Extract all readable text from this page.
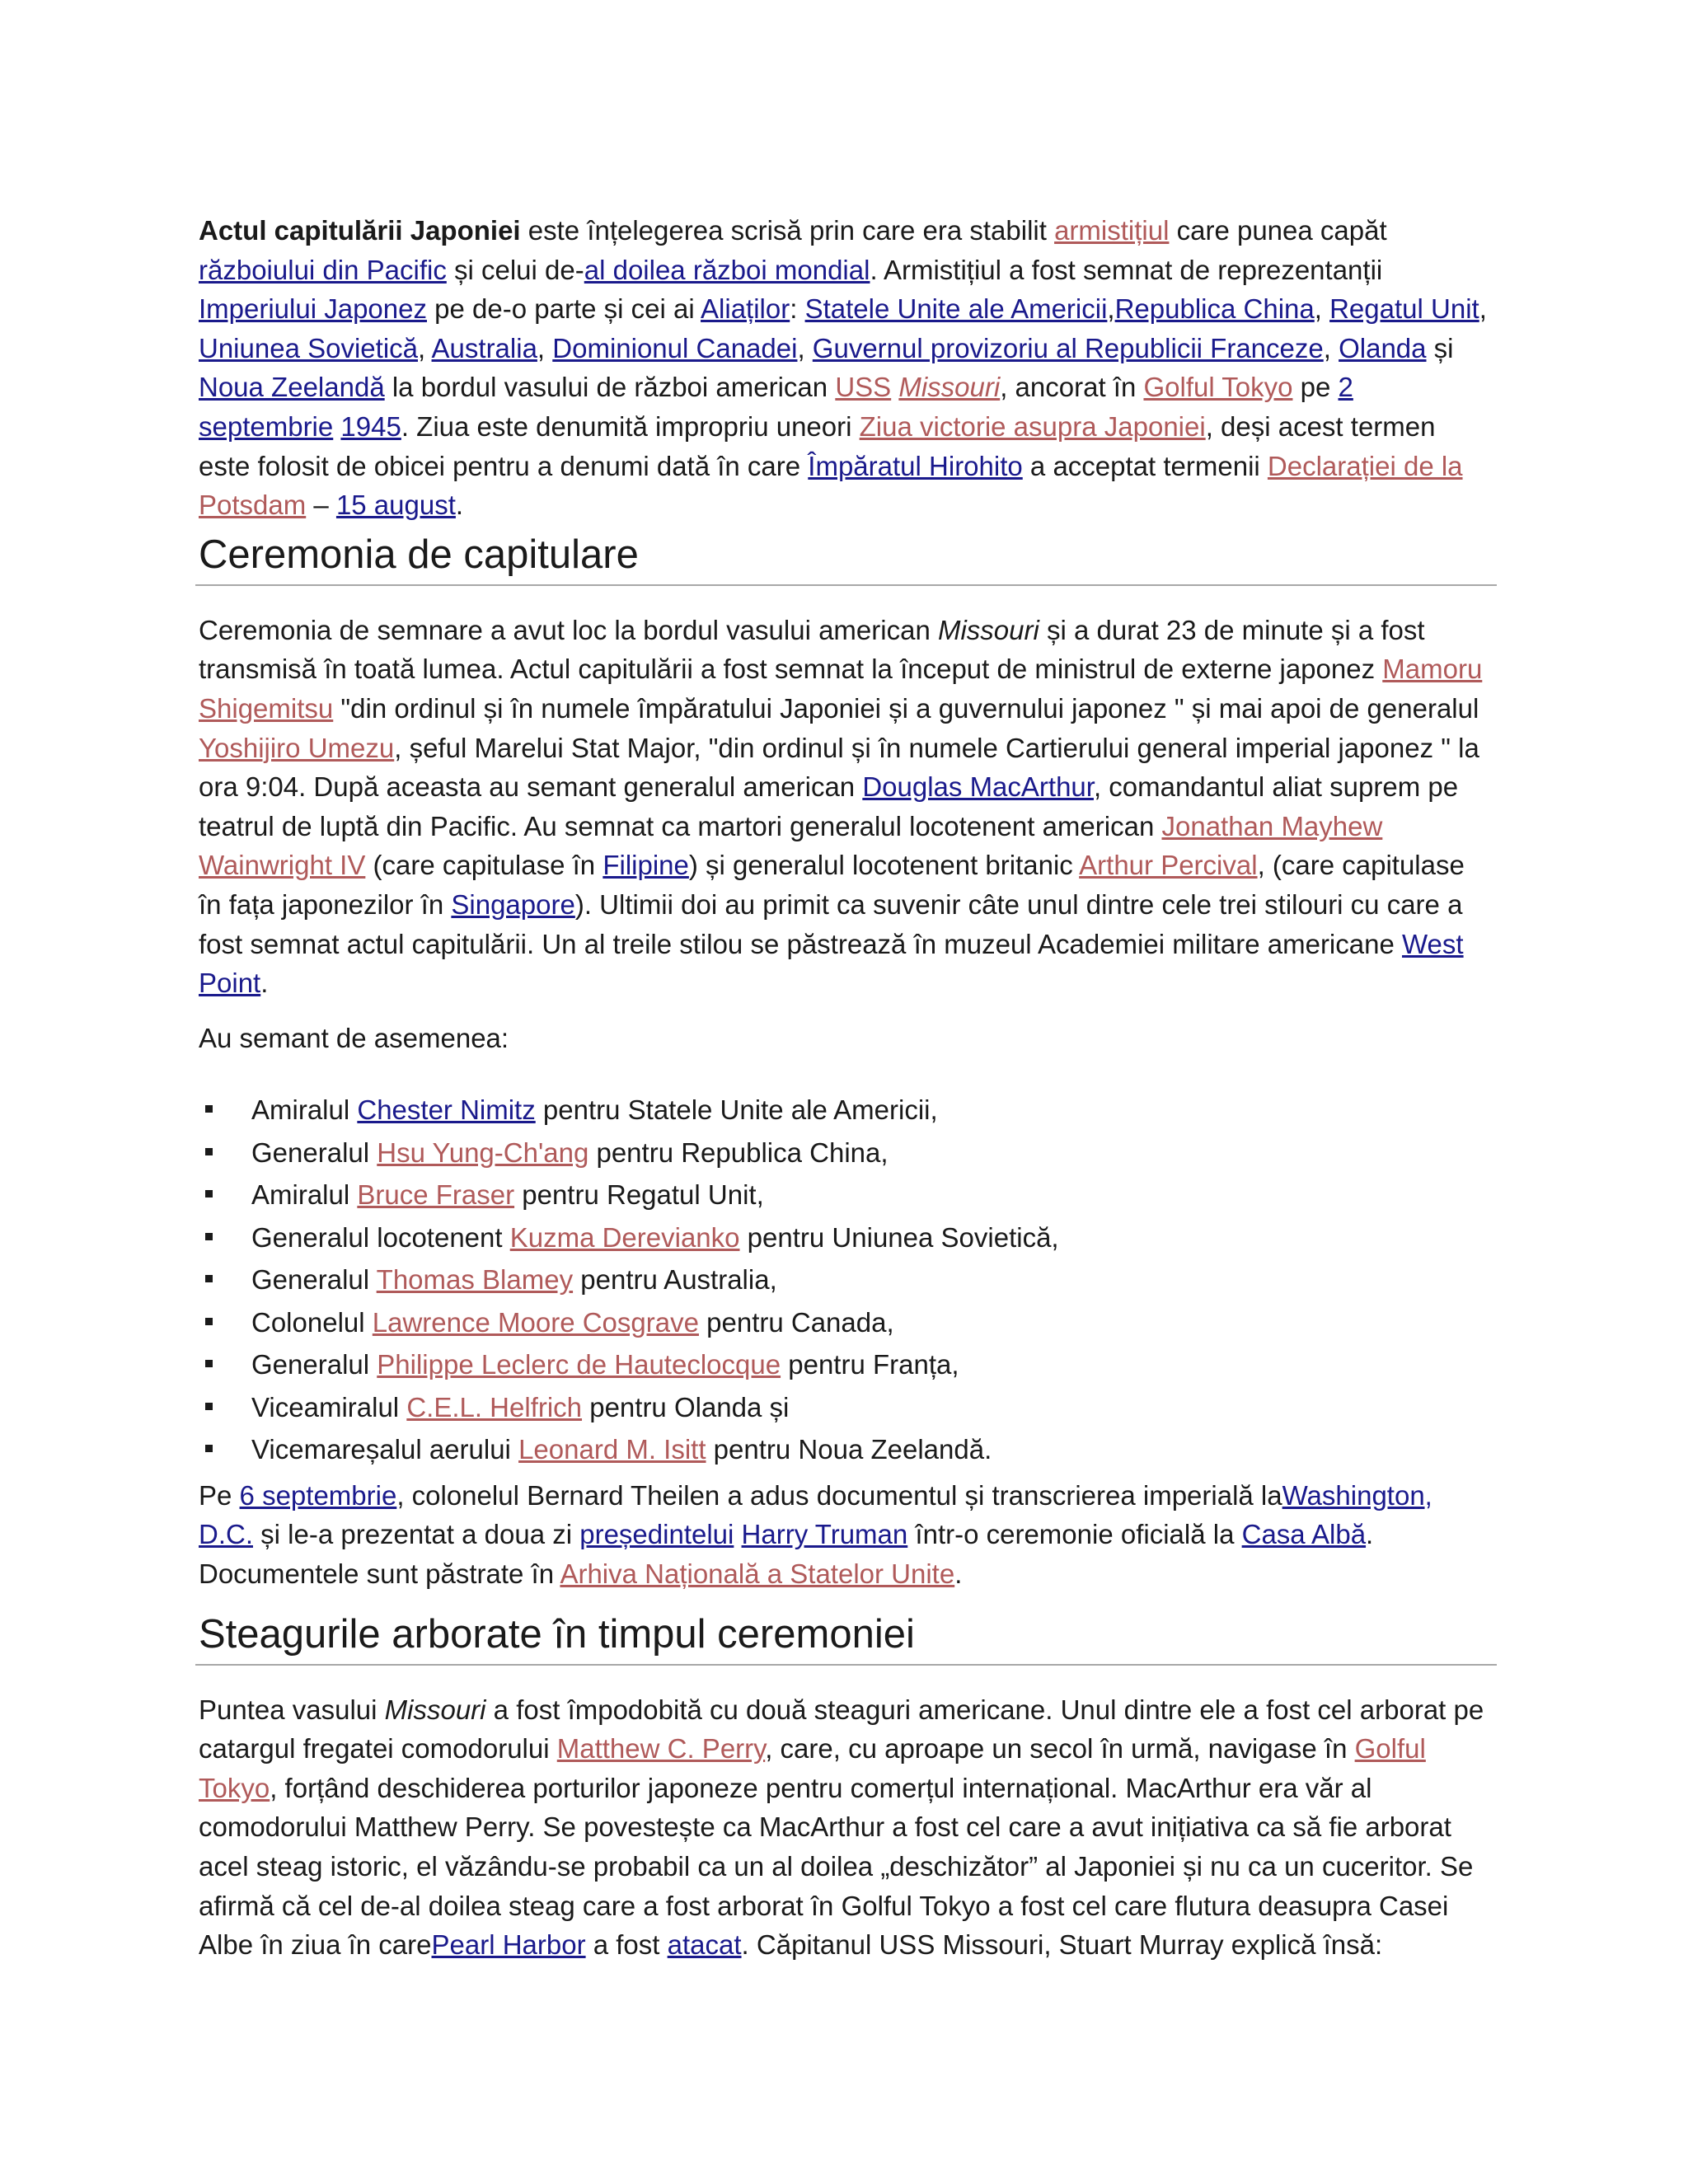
Actul capitulării Japoniei este înțelegerea scrisă prin care era stabilit armistițiul care punea capăt războiului din Pacific și celui de-al doilea război mondial. Armistițiul a fost semnat de reprezentanții Imperiului Japonez pe de-o parte și cei ai Aliaților: Statele Unite ale Americii,Republica China, Regatul Unit, Uniunea Sovietică, Australia, Dominionul Canadei, Guvernul provizoriu al Republicii Franceze, Olanda și Noua Zeelandă la bordul vasului de război american USS Missouri, ancorat în Golful Tokyo pe 2 septembrie 1945. Ziua este denumită impropriu uneori Ziua victorie asupra Japoniei, deși acest termen este folosit de obicei pentru a denumi dată în care Împăratul Hirohito a acceptat termenii Declarației de la Potsdam – 15 august.

Ceremonia de capitulare

Ceremonia de semnare a avut loc la bordul vasului american Missouri și a durat 23 de minute și a fost transmisă în toată lumea. Actul capitulării a fost semnat la început de ministrul de externe japonez Mamoru Shigemitsu "din ordinul și în numele împăratului Japoniei și a guvernului japonez " și mai apoi de generalul Yoshijiro Umezu, șeful Marelui Stat Major, "din ordinul și în numele Cartierului general imperial japonez " la ora 9:04. După aceasta au semant generalul american Douglas MacArthur, comandantul aliat suprem pe teatrul de luptă din Pacific. Au semnat ca martori generalul locotenent american Jonathan Mayhew Wainwright IV (care capitulase în Filipine) și generalul locotenent britanic Arthur Percival, (care capitulase în fața japonezilor în Singapore). Ultimii doi au primit ca suvenir câte unul dintre cele trei stilouri cu care a fost semnat actul capitulării. Un al treile stilou se păstrează în muzeul Academiei militare americane West Point.

Au semant de asemenea:

Amiralul Chester Nimitz pentru Statele Unite ale Americii,
Generalul Hsu Yung-Ch'ang pentru Republica China,
Amiralul Bruce Fraser pentru Regatul Unit,
Generalul locotenent Kuzma Derevianko pentru Uniunea Sovietică,
Generalul Thomas Blamey pentru Australia,
Colonelul Lawrence Moore Cosgrave pentru Canada,
Generalul Philippe Leclerc de Hauteclocque pentru Franța,
Viceamiralul C.E.L. Helfrich pentru Olanda și
Vicemareșalul aerului Leonard M. Isitt pentru Noua Zeelandă.

Pe 6 septembrie, colonelul Bernard Theilen a adus documentul și transcrierea imperială laWashington, D.C. și le-a prezentat a doua zi președintelui Harry Truman într-o ceremonie oficială la Casa Albă. Documentele sunt păstrate în Arhiva Națională a Statelor Unite.

Steagurile arborate în timpul ceremoniei

Puntea vasului Missouri a fost împodobită cu două steaguri americane. Unul dintre ele a fost cel arborat pe catargul fregatei comodorului Matthew C. Perry, care, cu aproape un secol în urmă, navigase în Golful Tokyo, forțând deschiderea porturilor japoneze pentru comerțul internațional. MacArthur era văr al comodorului Matthew Perry. Se povestește ca MacArthur a fost cel care a avut inițiativa ca să fie arborat acel steag istoric, el văzându-se probabil ca un al doilea „deschizător” al Japoniei și nu ca un cuceritor. Se afirmă că cel de-al doilea steag care a fost arborat în Golful Tokyo a fost cel care flutura deasupra Casei Albe în ziua în carePearl Harbor a fost atacat. Căpitanul USS Missouri, Stuart Murray explică însă:
